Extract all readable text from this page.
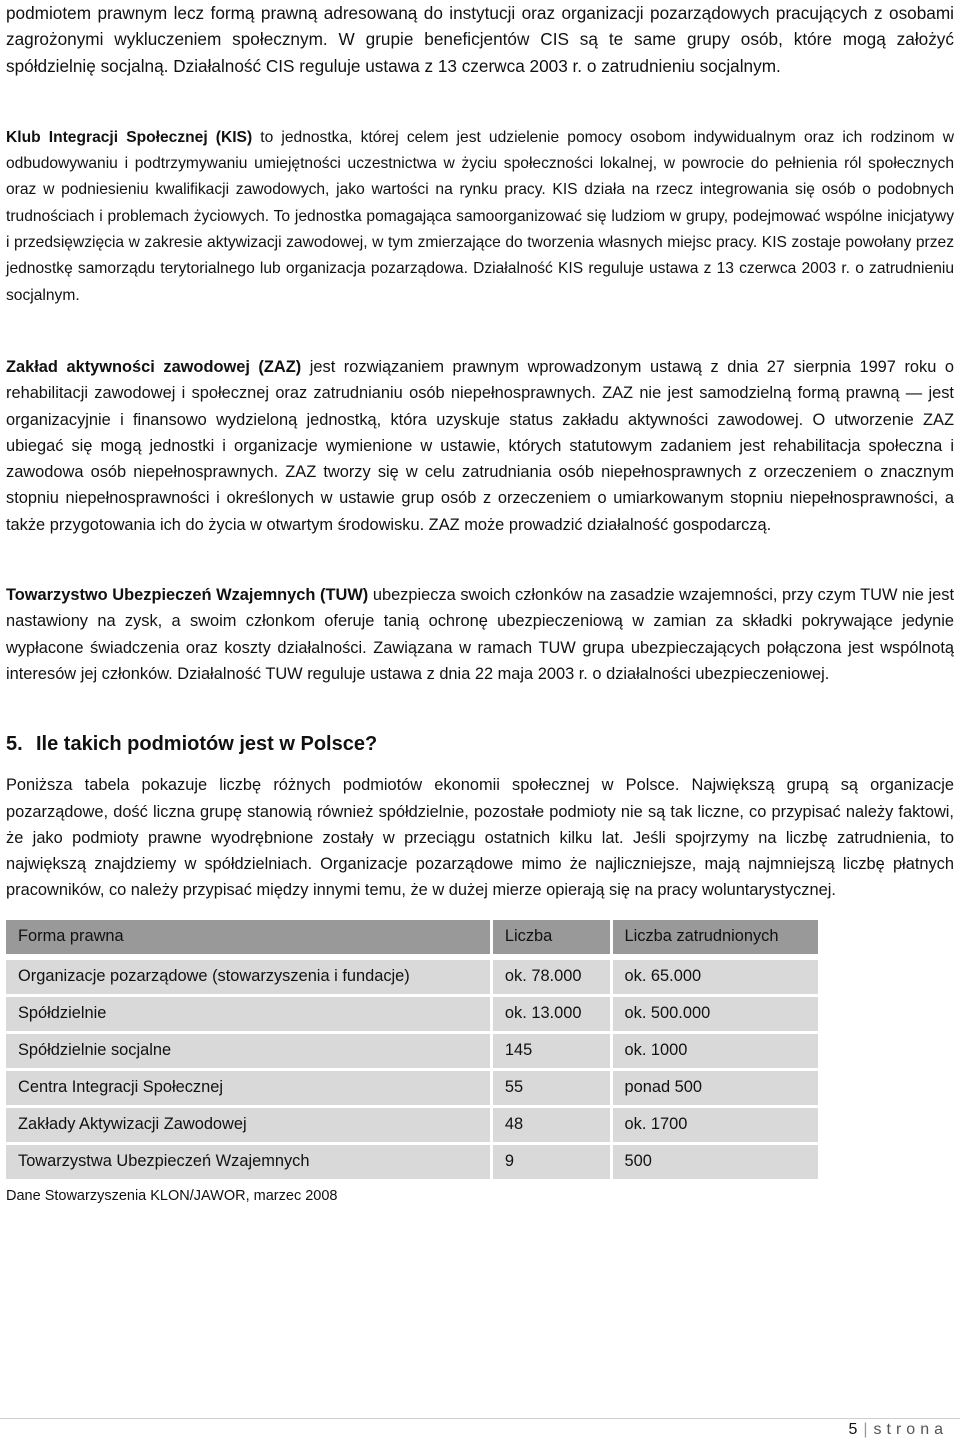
podmiotem prawnym lecz formą prawną adresowaną do instytucji oraz organizacji pozarządowych pracujących z osobami zagrożonymi wykluczeniem społecznym. W grupie beneficjentów CIS są te same grupy osób, które mogą założyć spółdzielnię socjalną. Działalność CIS reguluje ustawa z 13 czerwca 2003 r. o zatrudnieniu socjalnym.

Klub Integracji Społecznej (KIS) to jednostka, której celem jest udzielenie pomocy osobom indywidualnym oraz ich rodzinom w odbudowywaniu i podtrzymywaniu umiejętności uczestnictwa w życiu społeczności lokalnej, w powrocie do pełnienia ról społecznych oraz w podniesieniu kwalifikacji zawodowych, jako wartości na rynku pracy. KIS działa na rzecz integrowania się osób o podobnych trudnościach i problemach życiowych. To jednostka pomagająca samoorganizować się ludziom w grupy, podejmować wspólne inicjatywy i przedsięwzięcia w zakresie aktywizacji zawodowej, w tym zmierzające do tworzenia własnych miejsc pracy. KIS zostaje powołany przez jednostkę samorządu terytorialnego lub organizacja pozarządowa. Działalność KIS reguluje ustawa z 13 czerwca 2003 r. o zatrudnieniu socjalnym.

Zakład aktywności zawodowej (ZAZ) jest rozwiązaniem prawnym wprowadzonym ustawą z dnia 27 sierpnia 1997 roku o rehabilitacji zawodowej i społecznej oraz zatrudnianiu osób niepełnosprawnych. ZAZ nie jest samodzielną formą prawną — jest organizacyjnie i finansowo wydzieloną jednostką, która uzyskuje status zakładu aktywności zawodowej. O utworzenie ZAZ ubiegać się mogą jednostki i organizacje wymienione w ustawie, których statutowym zadaniem jest rehabilitacja społeczna i zawodowa osób niepełnosprawnych. ZAZ tworzy się w celu zatrudniania osób niepełnosprawnych z orzeczeniem o znacznym stopniu niepełnosprawności i określonych w ustawie grup osób z orzeczeniem o umiarkowanym stopniu niepełnosprawności, a także przygotowania ich do życia w otwartym środowisku. ZAZ może prowadzić działalność gospodarczą.

Towarzystwo Ubezpieczeń Wzajemnych (TUW) ubezpiecza swoich członków na zasadzie wzajemności, przy czym TUW nie jest nastawiony na zysk, a swoim członkom oferuje tanią ochronę ubezpieczeniową w zamian za składki pokrywające jedynie wypłacone świadczenia oraz koszty działalności. Zawiązana w ramach TUW grupa ubezpieczających połączona jest wspólnotą interesów jej członków. Działalność TUW reguluje ustawa z dnia 22 maja 2003 r. o działalności ubezpieczeniowej.

5. Ile takich podmiotów jest w Polsce?

Poniższa tabela pokazuje liczbę różnych podmiotów ekonomii społecznej w Polsce. Największą grupą są organizacje pozarządowe, dość liczna grupę stanowią również spółdzielnie, pozostałe podmioty nie są tak liczne, co przypisać należy faktowi, że jako podmioty prawne wyodrębnione zostały w przeciągu ostatnich kilku lat. Jeśli spojrzymy na liczbę zatrudnienia, to największą znajdziemy w spółdzielniach. Organizacje pozarządowe mimo że najliczniejsze, mają najmniejszą liczbę płatnych pracowników, co należy przypisać między innymi temu, że w dużej mierze opierają się na pracy woluntarystycznej.

Forma prawna	Liczba	Liczba zatrudnionych

Organizacje pozarządowe (stowarzyszenia i fundacje)	ok. 78.000	ok. 65.000
Spółdzielnie	ok. 13.000	ok. 500.000
Spółdzielnie socjalne	145	ok. 1000
Centra Integracji Społecznej	55	ponad 500
Zakłady Aktywizacji Zawodowej	48	ok. 1700
Towarzystwa Ubezpieczeń Wzajemnych	9	500
Dane Stowarzyszenia KLON/JAWOR, marzec 2008
5 | strona
